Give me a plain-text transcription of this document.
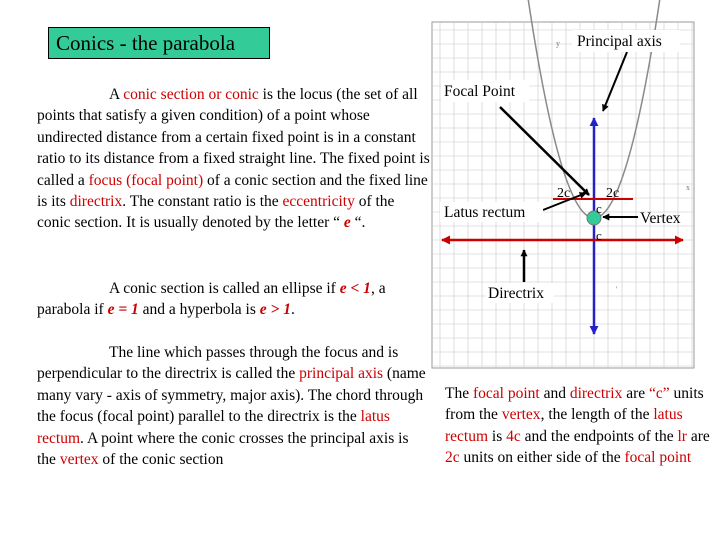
Conics - the parabola

A conic section or conic is the locus (the set of all points that satisfy a given condition) of a point whose undirected distance from a certain fixed point is in a constant ratio to its distance from a fixed straight line. The fixed point is called a focus (focal point) of a conic section and the fixed line is its directrix. The constant ratio is the eccentricity of the conic section. It is usually denoted by the letter “ e “.

A conic section is called an ellipse if e < 1, a parabola if e = 1 and a hyperbola is e > 1.

The line which passes through the focus and is perpendicular to the directrix is called the principal axis (name many vary - axis of symmetry, major axis). The chord through the focus (focal point) parallel to the directrix is the latus rectum. A point where the conic crosses the principal axis is the vertex of the conic section

The focal point and directrix are “c” units from the vertex, the length of the latus rectum is 4c and the endpoints of the lr are 2c units on either side of the focal point

Principal axis
Focal Point
Latus rectum	Vertex
Directrix
2c	2c
c
c
y
x
'
